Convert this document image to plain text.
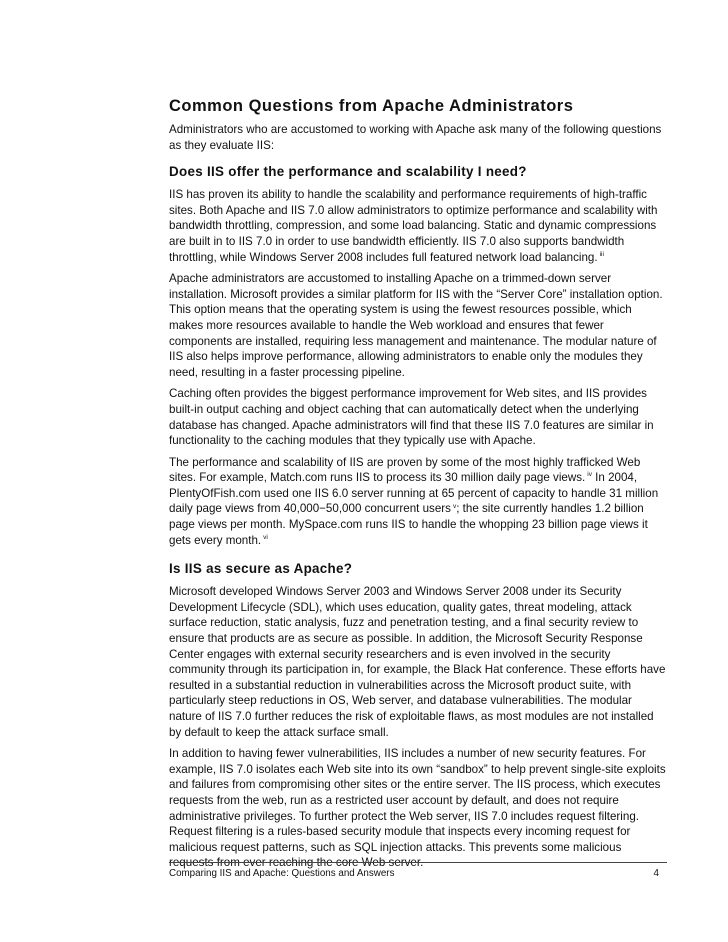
Common Questions from Apache Administrators

Administrators who are accustomed to working with Apache ask many of the following questions as they evaluate IIS:

Does IIS offer the performance and scalability I need?

IIS has proven its ability to handle the scalability and performance requirements of high-traffic sites. Both Apache and IIS 7.0 allow administrators to optimize performance and scalability with bandwidth throttling, compression, and some load balancing. Static and dynamic compressions are built in to IIS 7.0 in order to use bandwidth efficiently. IIS 7.0 also supports bandwidth throttling, while Windows Server 2008 includes full featured network load balancing. $^{iii}$

Apache administrators are accustomed to installing Apache on a trimmed-down server installation. Microsoft provides a similar platform for IIS with the “Server Core” installation option. This option means that the operating system is using the fewest resources possible, which makes more resources available to handle the Web workload and ensures that fewer components are installed, requiring less management and maintenance. The modular nature of IIS also helps improve performance, allowing administrators to enable only the modules they need, resulting in a faster processing pipeline.

Caching often provides the biggest performance improvement for Web sites, and IIS provides built-in output caching and object caching that can automatically detect when the underlying database has changed. Apache administrators will find that these IIS 7.0 features are similar in functionality to the caching modules that they typically use with Apache.

The performance and scalability of IIS are proven by some of the most highly trafficked Web sites. For example, Match.com runs IIS to process its 30 million daily page views. $^{iv}$ In 2004, PlentyOfFish.com used one IIS 6.0 server running at 65 percent of capacity to handle 31 million daily page views from 40,000−50,000 concurrent users $^v$; the site currently handles 1.2 billion page views per month. MySpace.com runs IIS to handle the whopping 23 billion page views it gets every month. $^{vi}$

Is IIS as secure as Apache?

Microsoft developed Windows Server 2003 and Windows Server 2008 under its Security Development Lifecycle (SDL), which uses education, quality gates, threat modeling, attack surface reduction, static analysis, fuzz and penetration testing, and a final security review to ensure that products are as secure as possible. In addition, the Microsoft Security Response Center engages with external security researchers and is even involved in the security community through its participation in, for example, the Black Hat conference. These efforts have resulted in a substantial reduction in vulnerabilities across the Microsoft product suite, with particularly steep reductions in OS, Web server, and database vulnerabilities. The modular nature of IIS 7.0 further reduces the risk of exploitable flaws, as most modules are not installed by default to keep the attack surface small.

In addition to having fewer vulnerabilities, IIS includes a number of new security features. For example, IIS 7.0 isolates each Web site into its own “sandbox” to help prevent single-site exploits and failures from compromising other sites or the entire server. The IIS process, which executes requests from the web, run as a restricted user account by default, and does not require administrative privileges. To further protect the Web server, IIS 7.0 includes request filtering. Request filtering is a rules-based security module that inspects every incoming request for malicious request patterns, such as SQL injection attacks. This prevents some malicious requests from ever reaching the core Web server.

Comparing IIS and Apache: Questions and Answers	4
